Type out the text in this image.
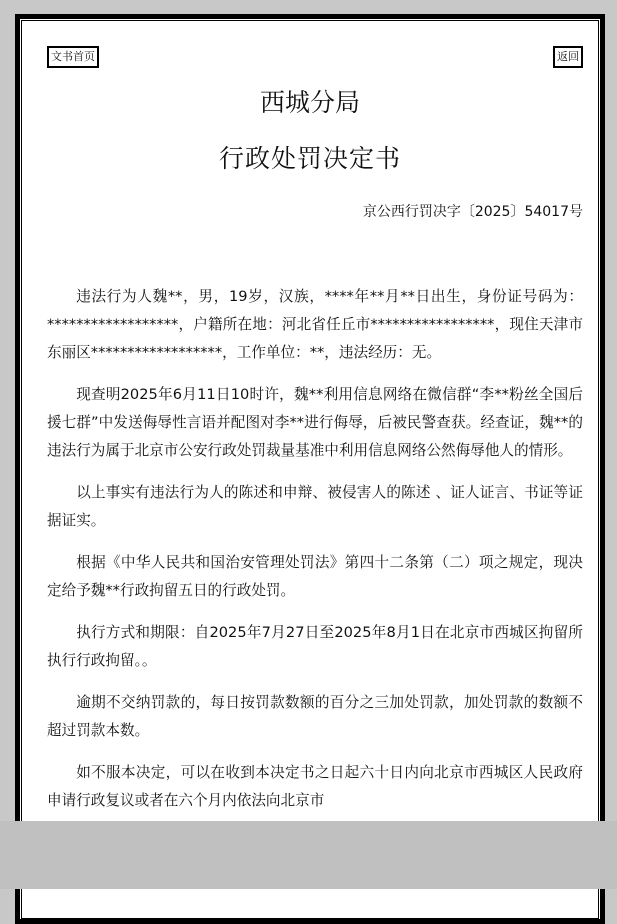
文书首页	返回
西城分局
行政处罚决定书
京公西行罚决字〔2025〕54017号

违法行为人魏**，男，19岁，汉族，****年**月**日出生，身份证号码为：******************，户籍所在地：河北省任丘市*****************，现住天津市东丽区******************，工作单位：**，违法经历：无。

现查明2025年6月11日10时许，魏**利用信息网络在微信群“李**粉丝全国后援七群”中发送侮辱性言语并配图对李**进行侮辱，后被民警查获。经查证，魏**的违法行为属于北京市公安行政处罚裁量基准中利用信息网络公然侮辱他人的情形。

以上事实有违法行为人的陈述和申辩、被侵害人的陈述 、证人证言、书证等证据证实。

根据《中华人民共和国治安管理处罚法》第四十二条第（二）项之规定，现决定给予魏**行政拘留五日的行政处罚。

执行方式和期限：自2025年7月27日至2025年8月1日在北京市西城区拘留所执行行政拘留。。

逾期不交纳罚款的，每日按罚款数额的百分之三加处罚款，加处罚款的数额不超过罚款本数。

如不服本决定，可以在收到本决定书之日起六十日内向北京市西城区人民政府申请行政复议或者在六个月内依法向北京市
